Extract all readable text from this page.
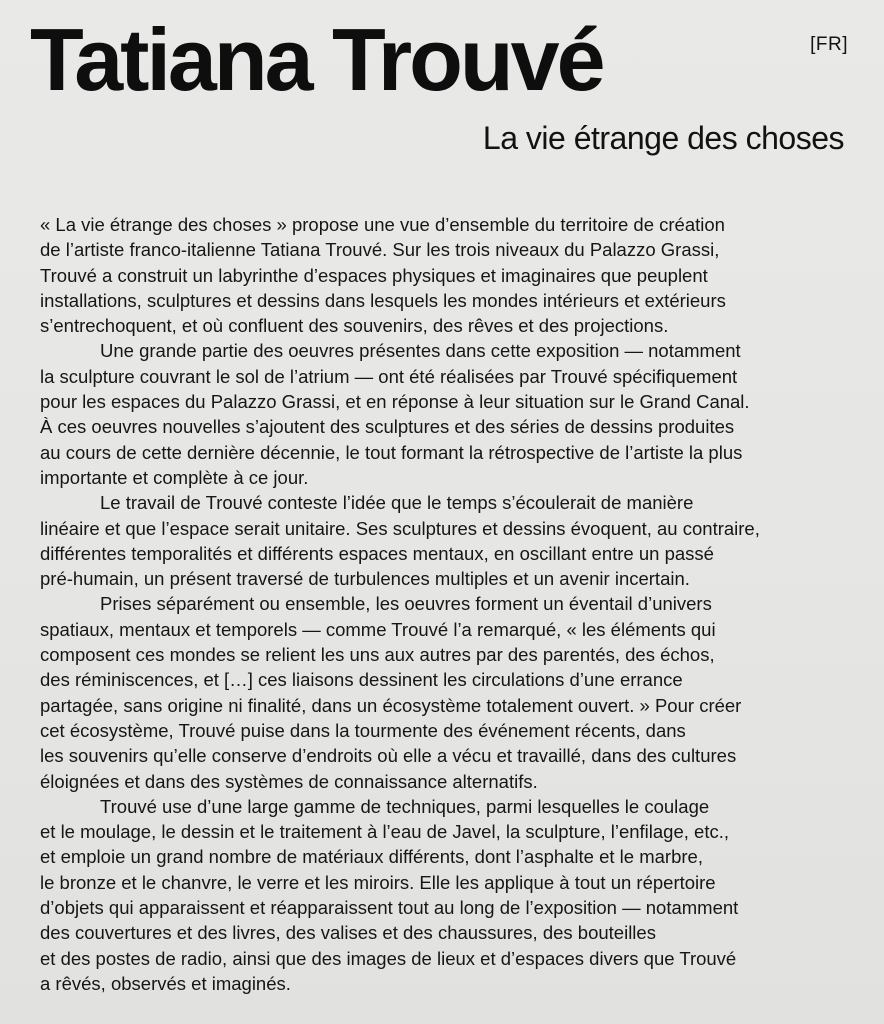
[FR]
Tatiana Trouvé
La vie étrange des choses

« La vie étrange des choses » propose une vue d’ensemble du territoire de création
de l’artiste franco-italienne Tatiana Trouvé. Sur les trois niveaux du Palazzo Grassi,
Trouvé a construit un labyrinthe d’espaces physiques et imaginaires que peuplent
installations, sculptures et dessins dans lesquels les mondes intérieurs et extérieurs
s’entrechoquent, et où confluent des souvenirs, des rêves et des projections.

Une grande partie des oeuvres présentes dans cette exposition — notamment
la sculpture couvrant le sol de l’atrium — ont été réalisées par Trouvé spécifiquement
pour les espaces du Palazzo Grassi, et en réponse à leur situation sur le Grand Canal.
À ces oeuvres nouvelles s’ajoutent des sculptures et des séries de dessins produites
au cours de cette dernière décennie, le tout formant la rétrospective de l’artiste la plus
importante et complète à ce jour.

Le travail de Trouvé conteste l’idée que le temps s’écoulerait de manière
linéaire et que l’espace serait unitaire. Ses sculptures et dessins évoquent, au contraire,
différentes temporalités et différents espaces mentaux, en oscillant entre un passé
pré-humain, un présent traversé de turbulences multiples et un avenir incertain.

Prises séparément ou ensemble, les oeuvres forment un éventail d’univers
spatiaux, mentaux et temporels — comme Trouvé l’a remarqué, « les éléments qui
composent ces mondes se relient les uns aux autres par des parentés, des échos,
des réminiscences, et […] ces liaisons dessinent les circulations d’une errance
partagée, sans origine ni finalité, dans un écosystème totalement ouvert. » Pour créer
cet écosystème, Trouvé puise dans la tourmente des événement récents, dans
les souvenirs qu’elle conserve d’endroits où elle a vécu et travaillé, dans des cultures
éloignées et dans des systèmes de connaissance alternatifs.

Trouvé use d’une large gamme de techniques, parmi lesquelles le coulage
et le moulage, le dessin et le traitement à l’eau de Javel, la sculpture, l’enfilage, etc.,
et emploie un grand nombre de matériaux différents, dont l’asphalte et le marbre,
le bronze et le chanvre, le verre et les miroirs. Elle les applique à tout un répertoire
d’objets qui apparaissent et réapparaissent tout au long de l’exposition — notamment
des couvertures et des livres, des valises et des chaussures, des bouteilles
et des postes de radio, ainsi que des images de lieux et d’espaces divers que Trouvé
a rêvés, observés et imaginés.
